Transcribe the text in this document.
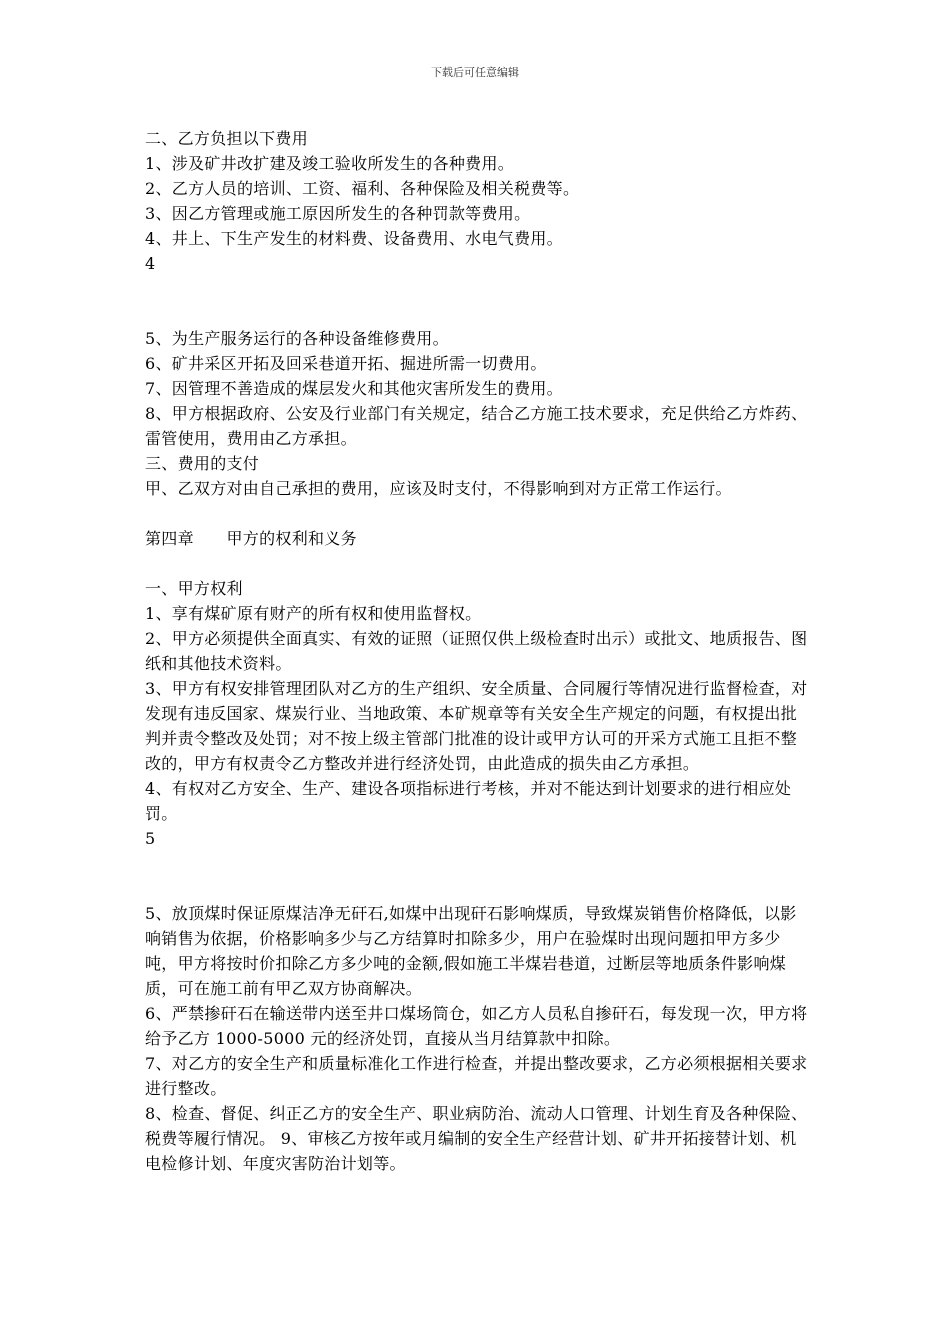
下载后可任意编辑

二、乙方负担以下费用

1、涉及矿井改扩建及竣工验收所发生的各种费用。

2、乙方人员的培训、工资、福利、各种保险及相关税费等。

3、因乙方管理或施工原因所发生的各种罚款等费用。

4、井上、下生产发生的材料费、设备费用、水电气费用。

4

5、为生产服务运行的各种设备维修费用。

6、矿井采区开拓及回采巷道开拓、掘进所需一切费用。

7、因管理不善造成的煤层发火和其他灾害所发生的费用。

8、甲方根据政府、公安及行业部门有关规定，结合乙方施工技术要求，充足供给乙方炸药、雷管使用，费用由乙方承担。

三、费用的支付

甲、乙双方对由自己承担的费用，应该及时支付，不得影响到对方正常工作运行。

第四章　　甲方的权利和义务

一、甲方权利

1、享有煤矿原有财产的所有权和使用监督权。

2、甲方必须提供全面真实、有效的证照（证照仅供上级检查时出示）或批文、地质报告、图纸和其他技术资料。

3、甲方有权安排管理团队对乙方的生产组织、安全质量、合同履行等情况进行监督检查，对发现有违反国家、煤炭行业、当地政策、本矿规章等有关安全生产规定的问题，有权提出批判并责令整改及处罚；对不按上级主管部门批准的设计或甲方认可的开采方式施工且拒不整改的，甲方有权责令乙方整改并进行经济处罚，由此造成的损失由乙方承担。

4、有权对乙方安全、生产、建设各项指标进行考核，并对不能达到计划要求的进行相应处罚。

5

5、放顶煤时保证原煤洁净无矸石,如煤中出现矸石影响煤质，导致煤炭销售价格降低，以影响销售为依据，价格影响多少与乙方结算时扣除多少，用户在验煤时出现问题扣甲方多少吨，甲方将按时价扣除乙方多少吨的金额,假如施工半煤岩巷道，过断层等地质条件影响煤质，可在施工前有甲乙双方协商解决。

6、严禁掺矸石在输送带内送至井口煤场筒仓，如乙方人员私自掺矸石，每发现一次，甲方将给予乙方 1000-5000 元的经济处罚，直接从当月结算款中扣除。

7、对乙方的安全生产和质量标准化工作进行检查，并提出整改要求，乙方必须根据相关要求进行整改。

8、检查、督促、纠正乙方的安全生产、职业病防治、流动人口管理、计划生育及各种保险、税费等履行情况。 9、审核乙方按年或月编制的安全生产经营计划、矿井开拓接替计划、机电检修计划、年度灾害防治计划等。
